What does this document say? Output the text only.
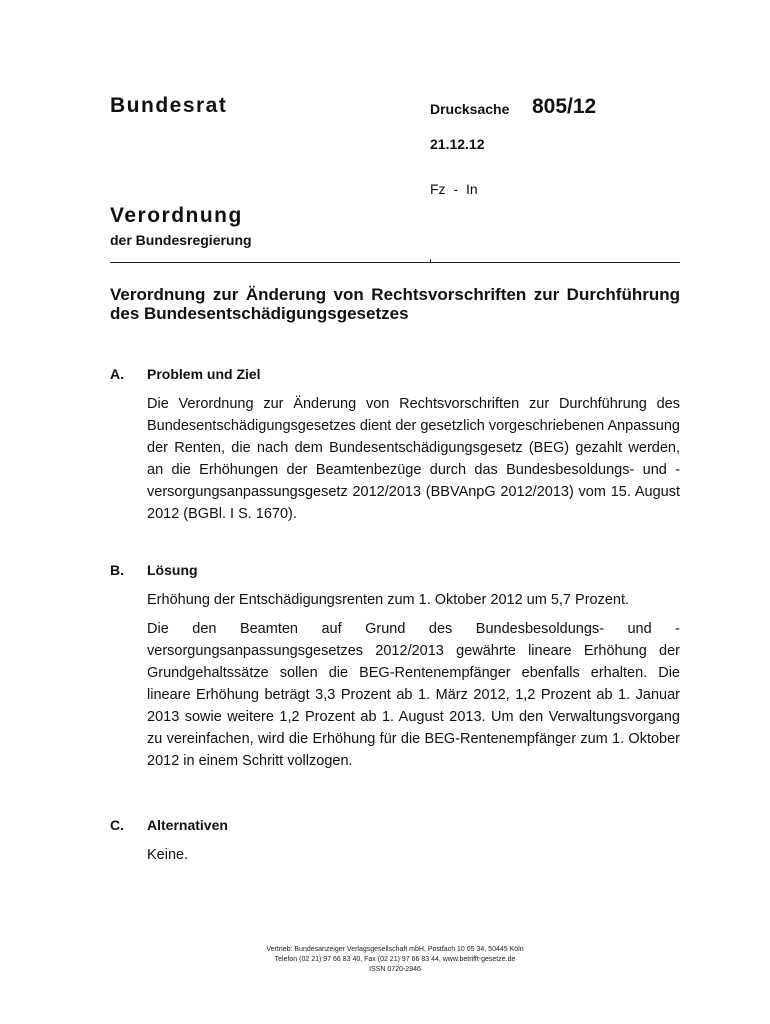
Bundesrat	Drucksache 805/12
21.12.12
Fz - In
Verordnung
der Bundesregierung
Verordnung zur Änderung von Rechtsvorschriften zur Durchführung des Bundesentschädigungsgesetzes
A. Problem und Ziel

Die Verordnung zur Änderung von Rechtsvorschriften zur Durchführung des Bundesentschädigungsgesetzes dient der gesetzlich vorgeschriebenen Anpassung der Renten, die nach dem Bundesentschädigungsgesetz (BEG) gezahlt werden, an die Erhöhungen der Beamtenbezüge durch das Bundesbesoldungs- und -versorgungsanpassungsgesetz 2012/2013 (BBVAnpG 2012/2013) vom 15. August 2012 (BGBl. I S. 1670).

B. Lösung

Erhöhung der Entschädigungsrenten zum 1. Oktober 2012 um 5,7 Prozent.

Die den Beamten auf Grund des Bundesbesoldungs- und -versorgungsanpassungsgesetzes 2012/2013 gewährte lineare Erhöhung der Grundgehaltssätze sollen die BEG-Rentenempfänger ebenfalls erhalten. Die lineare Erhöhung beträgt 3,3 Prozent ab 1. März 2012, 1,2 Prozent ab 1. Januar 2013 sowie weitere 1,2 Prozent ab 1. August 2013. Um den Verwaltungsvorgang zu vereinfachen, wird die Erhöhung für die BEG-Rentenempfänger zum 1. Oktober 2012 in einem Schritt vollzogen.

C. Alternativen

Keine.

Vertrieb: Bundesanzeiger Verlagsgesellschaft mbH, Postfach 10 05 34, 50445 Köln
Telefon (02 21) 97 66 83 40, Fax (02 21) 97 66 83 44, www.betrifft-gesetze.de
ISSN 0720-2946
